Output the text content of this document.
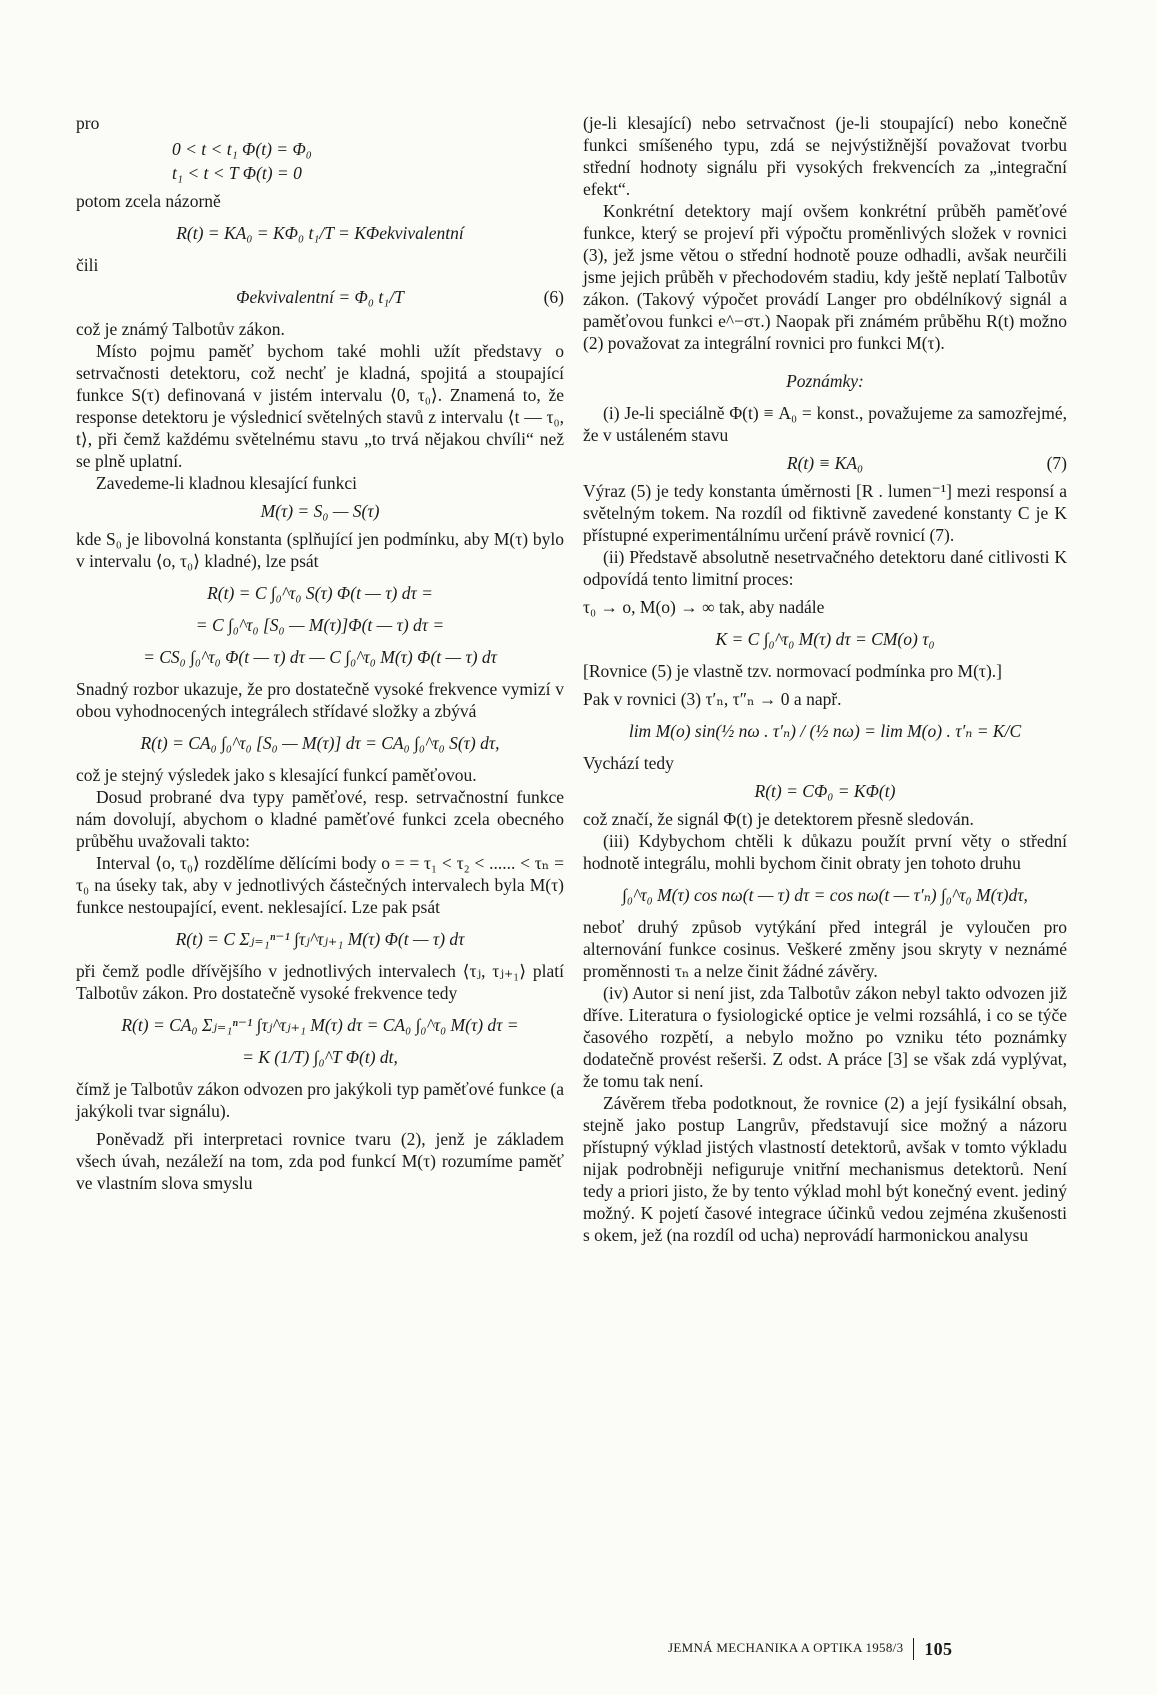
pro

0 < t < t₁ Φ(t) = Φ₀
t₁ < t < T Φ(t) = 0

potom zcela názorně

R(t) = KA₀ = KΦ₀ t₁/T = KΦekvivalentní

čili

Φekvivalentní = Φ₀ t₁/T	(6)

což je známý Talbotův zákon.

Místo pojmu paměť bychom také mohli užít představy o setrvačnosti detektoru, což nechť je kladná, spojitá a stoupající funkce S(τ) definovaná v jistém intervalu ⟨0, τ₀⟩. Znamená to, že response detektoru je výslednicí světelných stavů z intervalu ⟨t — τ₀, t⟩, při čemž každému světelnému stavu „to trvá nějakou chvíli“ než se plně uplatní.

Zavedeme-li kladnou klesající funkci

M(τ) = S₀ — S(τ)

kde S₀ je libovolná konstanta (splňující jen podmínku, aby M(τ) bylo v intervalu ⟨o, τ₀⟩ kladné), lze psát

R(t) = C ∫₀^τ₀ S(τ) Φ(t — τ) dτ =
= C ∫₀^τ₀ [S₀ — M(τ)]Φ(t — τ) dτ =
= CS₀ ∫₀^τ₀ Φ(t — τ) dτ — C ∫₀^τ₀ M(τ) Φ(t — τ) dτ

Snadný rozbor ukazuje, že pro dostatečně vysoké frekvence vymizí v obou vyhodnocených integrálech střídavé složky a zbývá

R(t) = CA₀ ∫₀^τ₀ [S₀ — M(τ)] dτ = CA₀ ∫₀^τ₀ S(τ) dτ,

což je stejný výsledek jako s klesající funkcí paměťovou.

Dosud probrané dva typy paměťové, resp. setrvačnostní funkce nám dovolují, abychom o kladné paměťové funkci zcela obecného průběhu uvažovali takto:

Interval ⟨o, τ₀⟩ rozdělíme dělícími body o = = τ₁ < τ₂ < ...... < τₙ = τ₀ na úseky tak, aby v jednotlivých částečných intervalech byla M(τ) funkce nestoupající, event. neklesající. Lze pak psát

R(t) = C Σⱼ₌₁ⁿ⁻¹ ∫τⱼ^τⱼ₊₁ M(τ) Φ(t — τ) dτ

při čemž podle dřívějšího v jednotlivých intervalech ⟨τⱼ, τⱼ₊₁⟩ platí Talbotův zákon. Pro dostatečně vysoké frekvence tedy

R(t) = CA₀ Σⱼ₌₁ⁿ⁻¹ ∫τⱼ^τⱼ₊₁ M(τ) dτ = CA₀ ∫₀^τ₀ M(τ) dτ =
= K (1/T) ∫₀^T Φ(t) dt,

čímž je Talbotův zákon odvozen pro jakýkoli typ paměťové funkce (a jakýkoli tvar signálu).

Poněvadž při interpretaci rovnice tvaru (2), jenž je základem všech úvah, nezáleží na tom, zda pod funkcí M(τ) rozumíme paměť ve vlastním slova smyslu

(je-li klesající) nebo setrvačnost (je-li stoupající) nebo konečně funkci smíšeného typu, zdá se nejvýstižnější považovat tvorbu střední hodnoty signálu při vysokých frekvencích za „integrační efekt“.

Konkrétní detektory mají ovšem konkrétní průběh paměťové funkce, který se projeví při výpočtu proměnlivých složek v rovnici (3), jež jsme větou o střední hodnotě pouze odhadli, avšak neurčili jsme jejich průběh v přechodovém stadiu, kdy ještě neplatí Talbotův zákon. (Takový výpočet provádí Langer pro obdélníkový signál a paměťovou funkci e^−στ.) Naopak při známém průběhu R(t) možno (2) považovat za integrální rovnici pro funkci M(τ).

Poznámky:

(i) Je-li speciálně Φ(t) ≡ A₀ = konst., považujeme za samozřejmé, že v ustáleném stavu

R(t) ≡ KA₀	(7)

Výraz (5) je tedy konstanta úměrnosti [R . lumen⁻¹] mezi responsí a světelným tokem. Na rozdíl od fiktivně zavedené konstanty C je K přístupné experimentálnímu určení právě rovnicí (7).

(ii) Představě absolutně nesetrvačného detektoru dané citlivosti K odpovídá tento limitní proces:

τ₀ → o, M(o) → ∞ tak, aby nadále

K = C ∫₀^τ₀ M(τ) dτ = CM(o) τ₀

[Rovnice (5) je vlastně tzv. normovací podmínka pro M(τ).]

Pak v rovnici (3) τ′ₙ, τ″ₙ → 0 a např.

lim M(o) sin(½ nω . τ′ₙ) / (½ nω) = lim M(o) . τ′ₙ = K/C

Vychází tedy

R(t) = CΦ₀ = KΦ(t)

což značí, že signál Φ(t) je detektorem přesně sledován.

(iii) Kdybychom chtěli k důkazu použít první věty o střední hodnotě integrálu, mohli bychom činit obraty jen tohoto druhu

∫₀^τ₀ M(τ) cos nω(t — τ) dτ = cos nω(t — τ′ₙ) ∫₀^τ₀ M(τ)dτ,

neboť druhý způsob vytýkání před integrál je vyloučen pro alternování funkce cosinus. Veškeré změny jsou skryty v neznámé proměnnosti τₙ a nelze činit žádné závěry.

(iv) Autor si není jist, zda Talbotův zákon nebyl takto odvozen již dříve. Literatura o fysiologické optice je velmi rozsáhlá, i co se týče časového rozpětí, a nebylo možno po vzniku této poznámky dodatečně provést rešerši. Z odst. A práce [3] se však zdá vyplývat, že tomu tak není.

Závěrem třeba podotknout, že rovnice (2) a její fysikální obsah, stejně jako postup Langrův, představují sice možný a názoru přístupný výklad jistých vlastností detektorů, avšak v tomto výkladu nijak podrobněji nefiguruje vnitřní mechanismus detektorů. Není tedy a priori jisto, že by tento výklad mohl být konečný event. jediný možný. K pojetí časové integrace účinků vedou zejména zkušenosti s okem, jež (na rozdíl od ucha) neprovádí harmonickou analysu

JEMNÁ MECHANIKA A OPTIKA 1958/3 105
